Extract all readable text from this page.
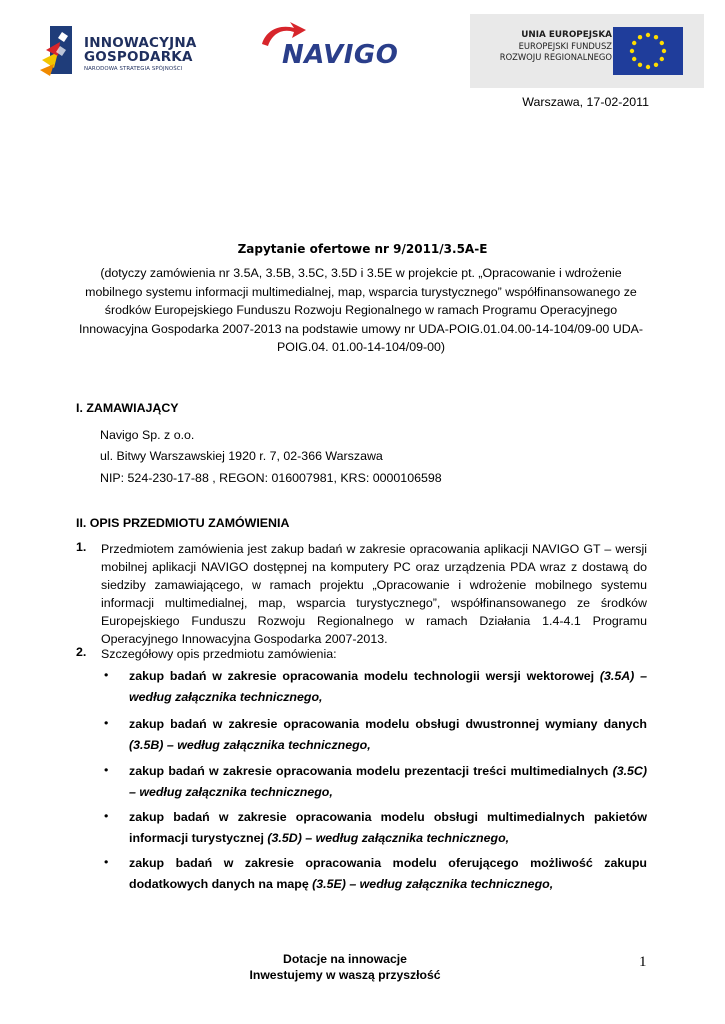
INNOWACYJNA
GOSPODARKA
NARODOWA STRATEGIA SPÓJNOŚCI	NAVIGO
UNIA EUROPEJSKA
EUROPEJSKI FUNDUSZ
ROZWOJU REGIONALNEGO
Warszawa, 17-02-2011
Zapytanie ofertowe nr 9/2011/3.5A-E
(dotyczy zamówienia nr 3.5A, 3.5B, 3.5C, 3.5D i 3.5E w projekcie pt. „Opracowanie i wdrożenie mobilnego systemu informacji multimedialnej, map, wsparcia turystycznego” współfinansowanego ze środków Europejskiego Funduszu Rozwoju Regionalnego w ramach Programu Operacyjnego Innowacyjna Gospodarka 2007-2013 na podstawie umowy nr UDA-POIG.01.04.00-14-104/09-00 UDA-POIG.04. 01.00-14-104/09-00)
I. ZAMAWIAJĄCY
Navigo Sp. z o.o.
ul. Bitwy Warszawskiej 1920 r. 7, 02-366 Warszawa
NIP: 524-230-17-88 , REGON: 016007981, KRS: 0000106598
II. OPIS PRZEDMIOTU ZAMÓWIENIA
1. Przedmiotem zamówienia jest zakup badań w zakresie opracowania aplikacji NAVIGO GT – wersji mobilnej aplikacji NAVIGO dostępnej na komputery PC oraz urządzenia PDA wraz z dostawą do siedziby zamawiającego, w ramach projektu „Opracowanie i wdrożenie mobilnego systemu informacji multimedialnej, map, wsparcia turystycznego”, współfinansowanego ze środków Europejskiego Funduszu Rozwoju Regionalnego w ramach Działania 1.4-4.1 Programu Operacyjnego Innowacyjna Gospodarka 2007-2013.
2. Szczegółowy opis przedmiotu zamówienia:
• zakup badań w zakresie opracowania modelu technologii wersji wektorowej (3.5A) – według załącznika technicznego,
• zakup badań w zakresie opracowania modelu obsługi dwustronnej wymiany danych (3.5B) – według załącznika technicznego,
• zakup badań w zakresie opracowania modelu prezentacji treści multimedialnych (3.5C) – według załącznika technicznego,
• zakup badań w zakresie opracowania modelu obsługi multimedialnych pakietów informacji turystycznej (3.5D) – według załącznika technicznego,
• zakup badań w zakresie opracowania modelu oferującego możliwość zakupu dodatkowych danych na mapę (3.5E) – według załącznika technicznego,
Dotacje na innowacje
Inwestujemy w waszą przyszłość
1
